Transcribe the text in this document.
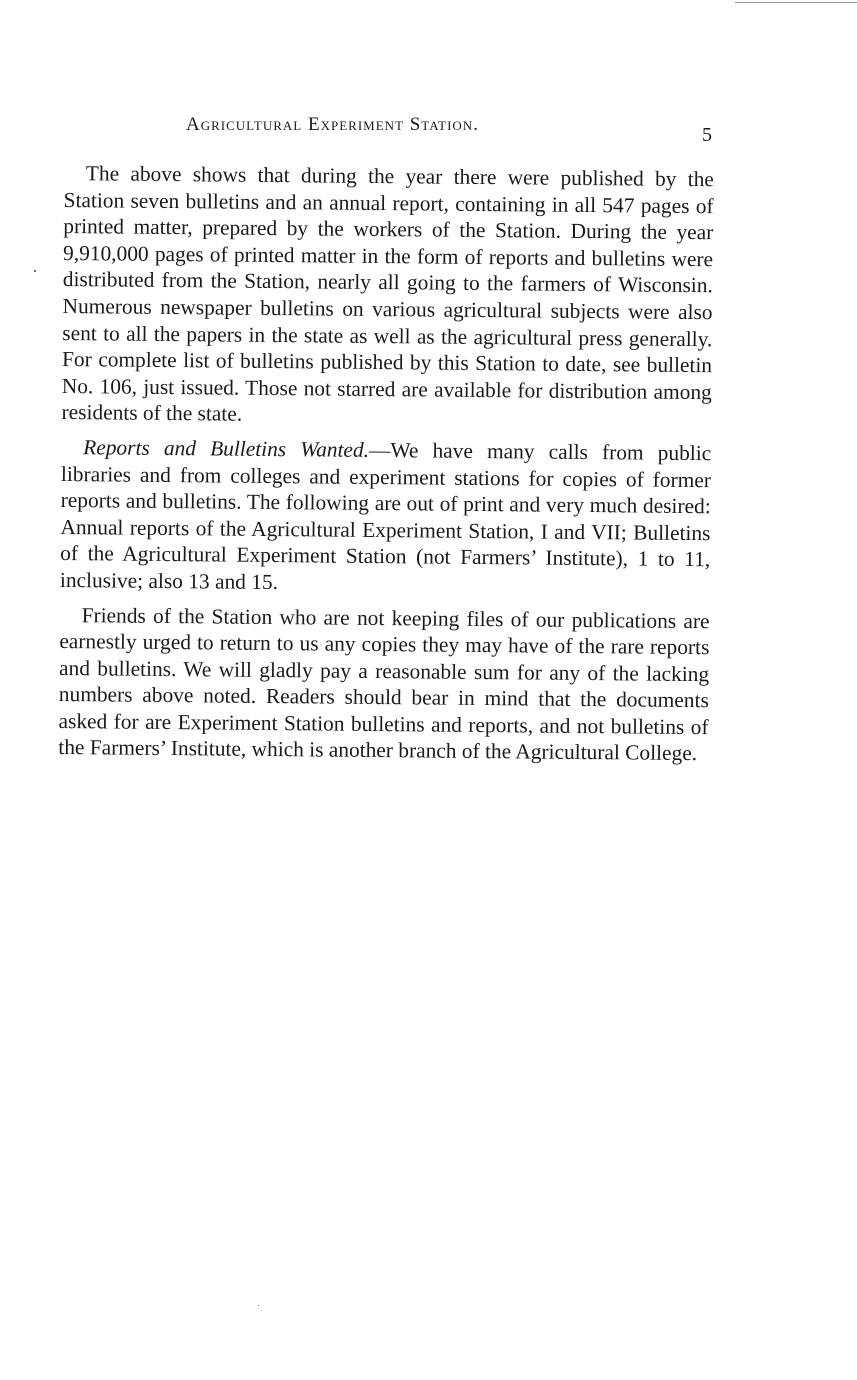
Agricultural Experiment Station.	5

The above shows that during the year there were published by the Station seven bulletins and an annual report, containing in all 547 pages of printed matter, prepared by the workers of the Station. During the year 9,910,000 pages of printed matter in the form of reports and bulletins were distributed from the Station, nearly all going to the farmers of Wisconsin. Numerous newspaper bulletins on various agricultural subjects were also sent to all the papers in the state as well as the agricultural press generally. For complete list of bulletins published by this Station to date, see bulletin No. 106, just issued. Those not starred are available for distribution among residents of the state.

Reports and Bulletins Wanted.—We have many calls from public libraries and from colleges and experiment stations for copies of former reports and bulletins. The following are out of print and very much desired: Annual reports of the Agricultural Experiment Station, I and VII; Bulletins of the Agricultural Experiment Station (not Farmers’ Institute), 1 to 11, inclusive; also 13 and 15.

Friends of the Station who are not keeping files of our publications are earnestly urged to return to us any copies they may have of the rare reports and bulletins. We will gladly pay a reasonable sum for any of the lacking numbers above noted. Readers should bear in mind that the documents asked for are Experiment Station bulletins and reports, and not bulletins of the Farmers’ Institute, which is another branch of the Agricultural College.
